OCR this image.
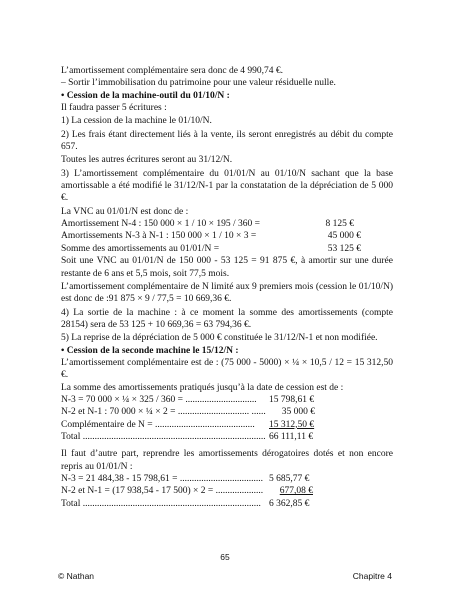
L’amortissement complémentaire sera donc de 4 990,74 €.

– Sortir l’immobilisation du patrimoine pour une valeur résiduelle nulle.

• Cession de la machine-outil du 01/10/N :

Il faudra passer 5 écritures :

1) La cession de la machine le 01/10/N.

2) Les frais étant directement liés à la vente, ils seront enregistrés au débit du compte 657.

Toutes les autres écritures seront au 31/12/N.

3) L’amortissement complémentaire du 01/01/N au 01/10/N sachant que la base amortissable a été modifié le 31/12/N-1 par la constatation de la dépréciation de 5 000 €.

La VNC au 01/01/N est donc de :

Amortissement N-4 : 150 000 × 1 / 10 × 195 / 360 =	8 125 €
Amortissements N-3 à N-1 : 150 000 × 1 / 10 × 3 =	45 000 €
Somme des amortissements au 01/01/N =	53 125 €

Soit une VNC au 01/01/N de 150 000 - 53 125 = 91 875 €, à amortir sur une durée restante de 6 ans et 5,5 mois, soit 77,5 mois.

L’amortissement complémentaire de N limité aux 9 premiers mois (cession le 01/10/N) est donc de :91 875 × 9 / 77,5 = 10 669,36 €.

4) La sortie de la machine : à ce moment la somme des amortissements (compte 28154) sera de 53 125 + 10 669,36 = 63 794,36 €.

5) La reprise de la dépréciation de 5 000 € constituée le 31/12/N-1 et non modifiée.

• Cession de la seconde machine le 15/12/N :

L’amortissement complémentaire est de : (75 000 - 5000) × ¼ × 10,5 / 12 = 15 312,50 €.

La somme des amortissements pratiqués jusqu’à la date de cession est de :

N-3 = 70 000 × ¼ × 325 / 360 = ..............................	15 798,61 €
N-2 et N-1 : 70 000 × ¼ × 2 = .............................. ......	35 000 €
Complémentaire de N = ..........................................	15 312,50 €
Total ............................................................................. 66 111,11 €

Il faut d’autre part, reprendre les amortissements dérogatoires dotés et non encore repris au 01/01/N :

N-3 = 21 484,38 - 15 798,61 = ................................... 5 685,77 €
N-2 et N-1 = (17 938,54 - 17 500) × 2 = ....................	677,08 €
Total ........................................................................... 6 362,85 €
65
© Nathan	Chapitre 4
